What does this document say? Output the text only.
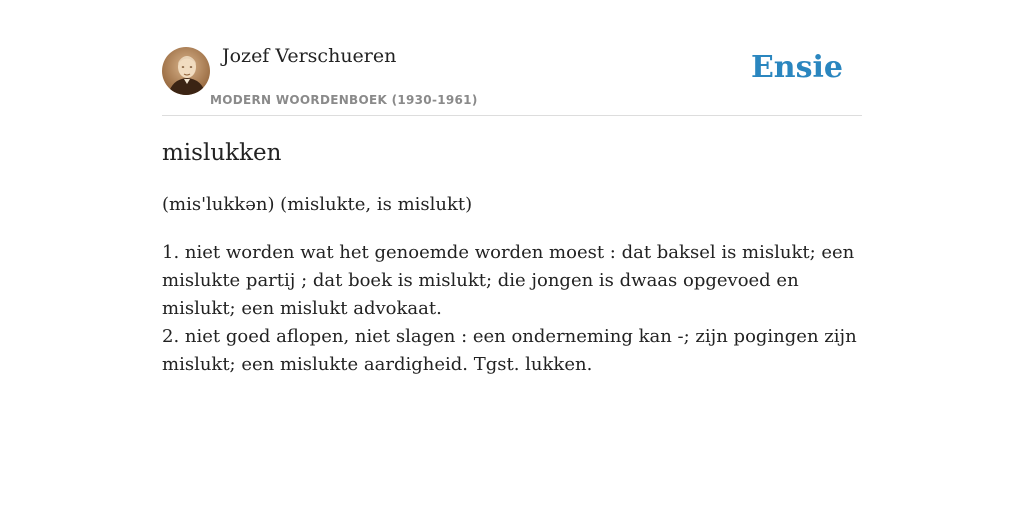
Jozef Verschueren
MODERN WOORDENBOEK (1930-1961)
Ensie
mislukken
(mis'lukkən) (mislukte, is mislukt)

1. niet worden wat het genoemde worden moest : dat baksel is mislukt; een mislukte partij ; dat boek is mislukt; die jongen is dwaas opgevoed en mislukt; een mislukt advokaat.

2. niet goed aflopen, niet slagen : een onderneming kan -; zijn pogingen zijn mislukt; een mislukte aardigheid. Tgst. lukken.
